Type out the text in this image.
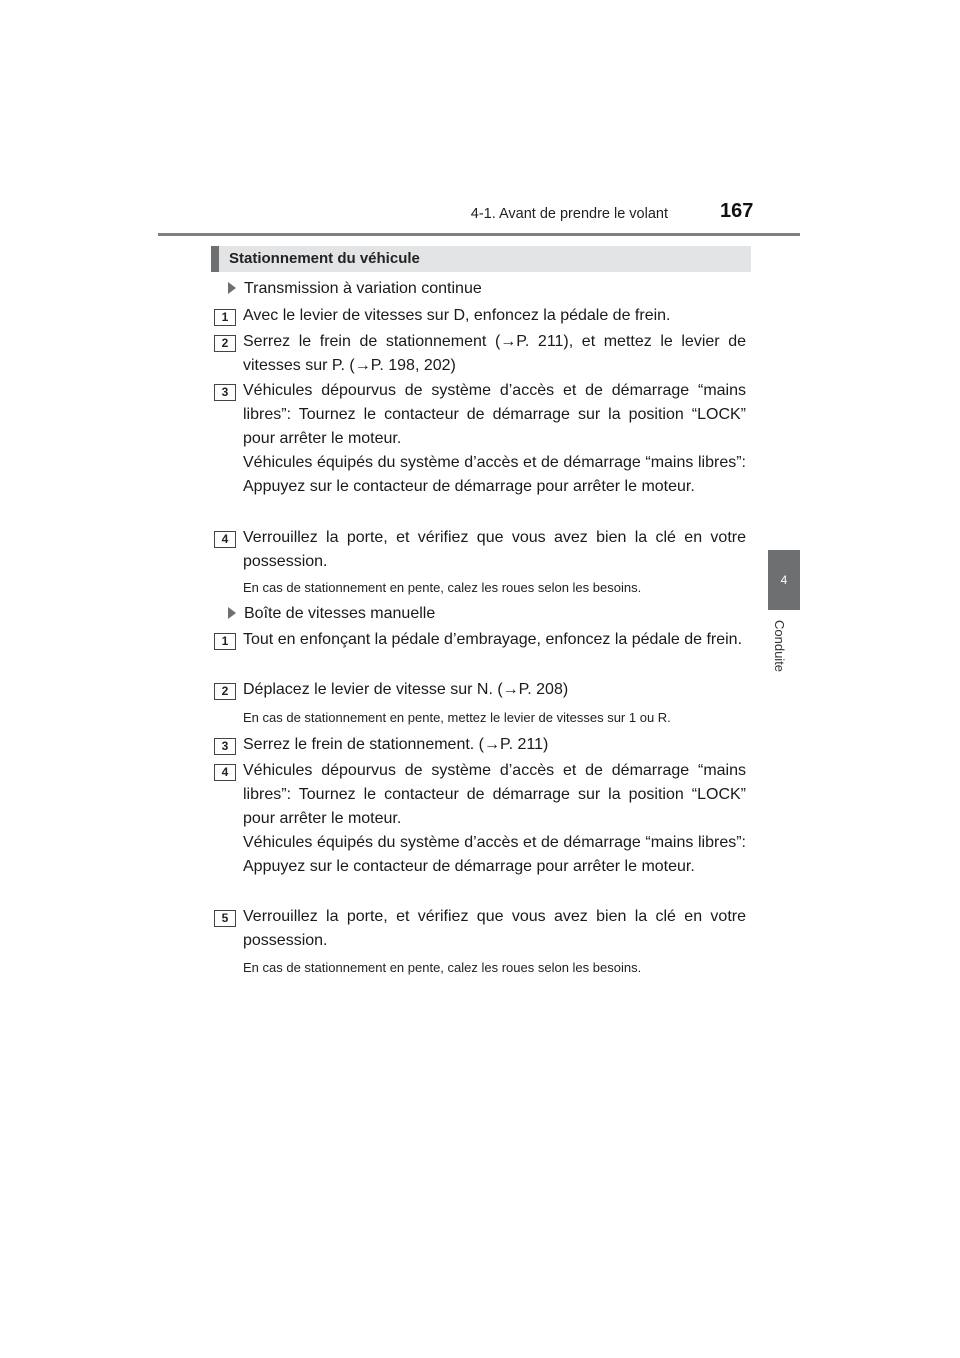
4-1. Avant de prendre le volant	167
4
Conduite
Stationnement du véhicule
Transmission à variation continue
1 Avec le levier de vitesses sur D, enfoncez la pédale de frein.
2 Serrez le frein de stationnement (→P. 211), et mettez le levier de vitesses sur P. (→P. 198, 202)
3 Véhicules dépourvus de système d’accès et de démarrage “mains libres”: Tournez le contacteur de démarrage sur la position “LOCK” pour arrêter le moteur.
Véhicules équipés du système d’accès et de démarrage “mains libres”: Appuyez sur le contacteur de démarrage pour arrêter le moteur.
4 Verrouillez la porte, et vérifiez que vous avez bien la clé en votre possession.
En cas de stationnement en pente, calez les roues selon les besoins.
Boîte de vitesses manuelle
1 Tout en enfonçant la pédale d’embrayage, enfoncez la pédale de frein.
2 Déplacez le levier de vitesse sur N. (→P. 208)
En cas de stationnement en pente, mettez le levier de vitesses sur 1 ou R.
3 Serrez le frein de stationnement. (→P. 211)
4 Véhicules dépourvus de système d’accès et de démarrage “mains libres”: Tournez le contacteur de démarrage sur la position “LOCK” pour arrêter le moteur.
Véhicules équipés du système d’accès et de démarrage “mains libres”: Appuyez sur le contacteur de démarrage pour arrêter le moteur.
5 Verrouillez la porte, et vérifiez que vous avez bien la clé en votre possession.
En cas de stationnement en pente, calez les roues selon les besoins.
